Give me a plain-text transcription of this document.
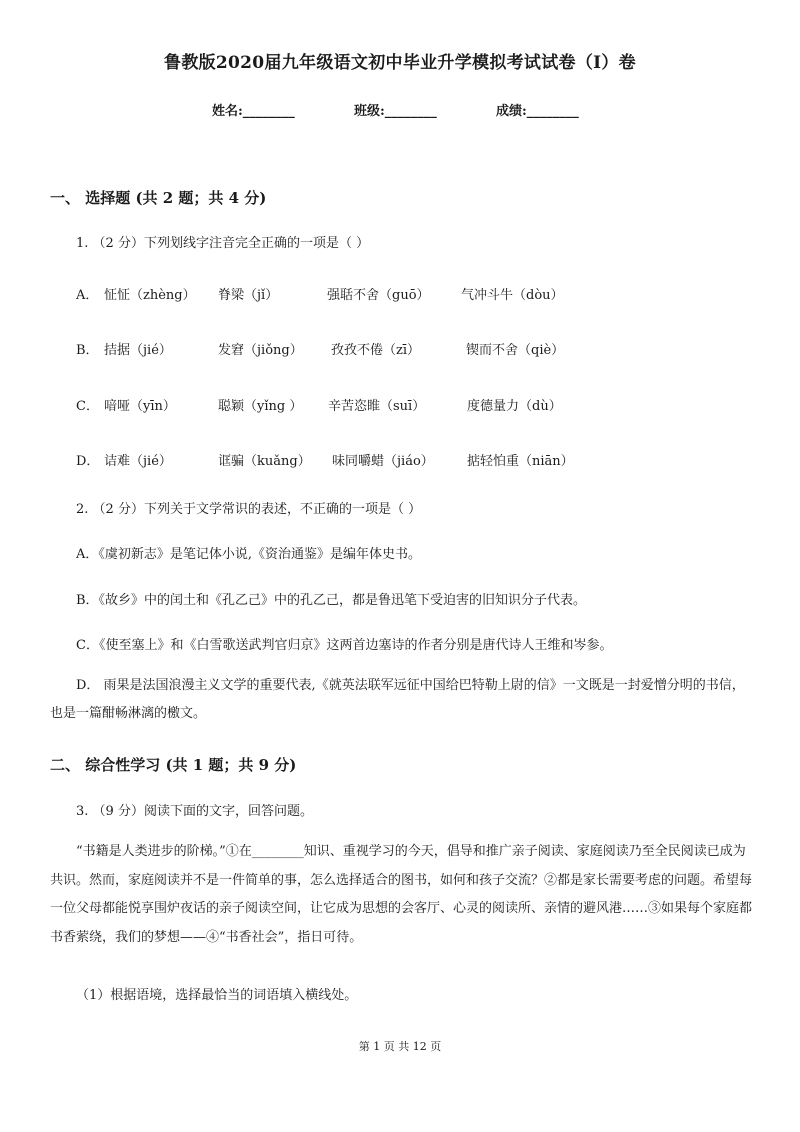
鲁教版2020届九年级语文初中毕业升学模拟考试试卷（I）卷
姓名:________	班级:________	成绩:________
一、 选择题 (共 2 题；共 4 分)
1. （2 分）下列划线字注音完全正确的一项是（ ）
A． 怔怔（zhèng） 脊梁（jǐ）	强聒不舍（guō） 气冲斗牛（dòu）
B． 拮据（jié）	发窘（jiǒng） 孜孜不倦（zī）	锲而不舍（qiè）
C． 喑哑（yīn）	聪颖（yǐng ） 辛苦恣睢（suī）	度德量力（dù）
D． 诘难（jié）	诓骗（kuǎng） 味同嚼蜡（jiáo）	掂轻怕重（niān）
2. （2 分）下列关于文学常识的表述，不正确的一项是（ ）
A．《虞初新志》是笔记体小说,《资治通鉴》是编年体史书。
B．《故乡》中的闰土和《孔乙己》中的孔乙己，都是鲁迅笔下受迫害的旧知识分子代表。
C．《使至塞上》和《白雪歌送武判官归京》这两首边塞诗的作者分别是唐代诗人王维和岑参。
D． 雨果是法国浪漫主义文学的重要代表,《就英法联军远征中国给巴特勒上尉的信》一文既是一封爱憎分明的书信，也是一篇酣畅淋漓的檄文。
二、 综合性学习 (共 1 题；共 9 分)
3. （9 分）阅读下面的文字，回答问题。
“书籍是人类进步的阶梯。”①在________知识、重视学习的今天，倡导和推广亲子阅读、家庭阅读乃至全民阅读已成为共识。然而，家庭阅读并不是一件简单的事，怎么选择适合的图书，如何和孩子交流？②都是家长需要考虑的问题。希望每一位父母都能悦享围炉夜话的亲子阅读空间，让它成为思想的会客厅、心灵的阅读所、亲情的避风港……③如果每个家庭都书香萦绕，我们的梦想——④“书香社会”，指日可待。
（1）根据语境，选择最恰当的词语填入横线处。
第 1 页 共 12 页
